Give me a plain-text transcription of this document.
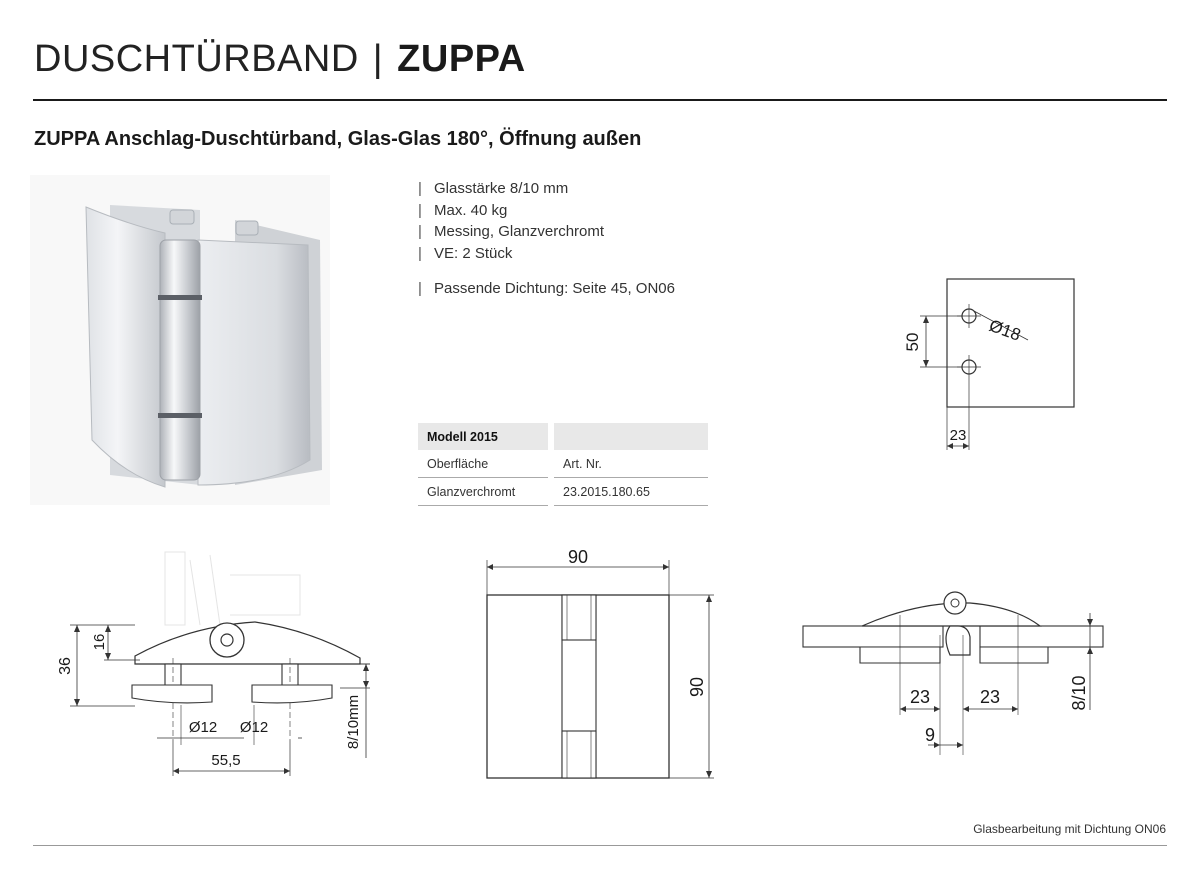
DUSCHTÜRBAND | ZUPPA
ZUPPA Anschlag-Duschtürband, Glas-Glas 180°, Öffnung außen
| Glasstärke 8/10 mm
| Max. 40 kg
| Messing, Glanzverchromt
| VE: 2 Stück
| Passende Dichtung: Seite 45, ON06
Modell 2015	
Oberfläche	Art. Nr.
Glanzverchromt	23.2015.180.65
Ø18
50
23
36
16
Ø12 Ø12
55,5
8/10mm
90
90	23	23
9
8/10
Glasbearbeitung mit Dichtung ON06
